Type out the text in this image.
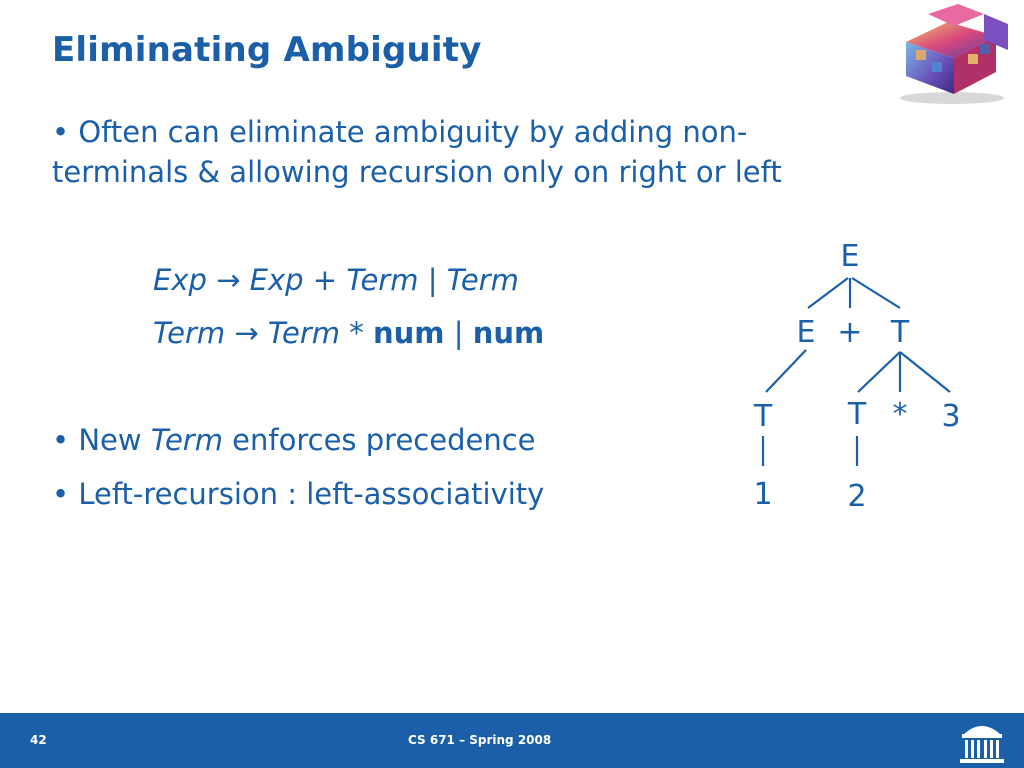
Eliminating Ambiguity
• Often can eliminate ambiguity by adding non-
terminals & allowing recursion only on right or left
Exp → Exp + Term | Term
Term → Term * num | num
• New Term enforces precedence
• Left-recursion : left-associativity
E
E + T
T	T * 3
1 2
42	CS 671 – Spring 2008
